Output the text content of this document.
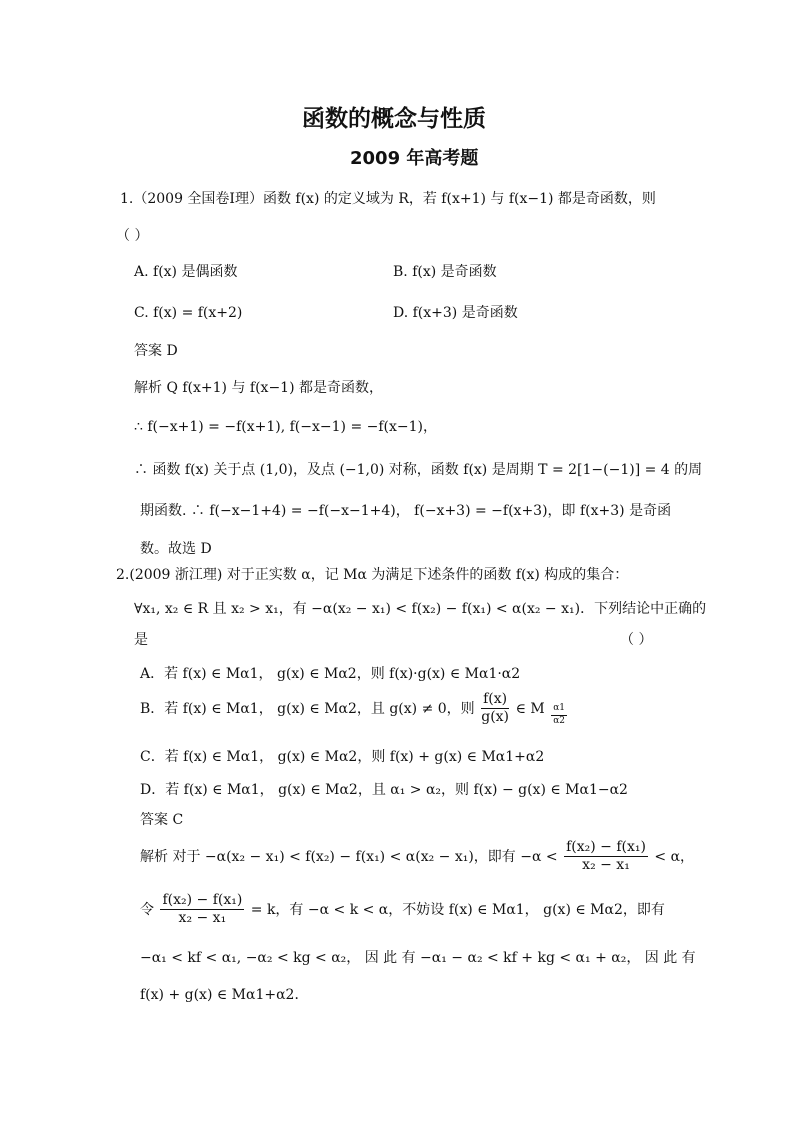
函数的概念与性质
2009 年高考题
1.（2009 全国卷Ⅰ理）函数 f(x) 的定义域为 R，若 f(x+1) 与 f(x−1) 都是奇函数，则
（ ）
A. f(x) 是偶函数	B. f(x) 是奇函数
C. f(x) = f(x+2)	D. f(x+3) 是奇函数
答案 D
解析 Q f(x+1) 与 f(x−1) 都是奇函数，
∴ f(−x+1) = −f(x+1), f(−x−1) = −f(x−1)，
∴ 函数 f(x) 关于点 (1,0)，及点 (−1,0) 对称，函数 f(x) 是周期 T = 2[1−(−1)] = 4 的周
期函数. ∴ f(−x−1+4) = −f(−x−1+4)， f(−x+3) = −f(x+3)，即 f(x+3) 是奇函
数。故选 D
2.(2009 浙江理) 对于正实数 α，记 Mα 为满足下述条件的函数 f(x) 构成的集合：
∀x₁, x₂ ∈ R 且 x₂ > x₁，有 −α(x₂ − x₁) < f(x₂) − f(x₁) < α(x₂ − x₁)．下列结论中正确的
是	（ ）
A．若 f(x) ∈ Mα1， g(x) ∈ Mα2，则 f(x)·g(x) ∈ Mα1·α2
B．若 f(x) ∈ Mα1， g(x) ∈ Mα2，且 g(x) ≠ 0，则 $\frac{f(x)}{g(x)}$ ∈ M $\frac{\alpha 1}{\alpha 2}$
C．若 f(x) ∈ Mα1， g(x) ∈ Mα2，则 f(x) + g(x) ∈ Mα1+α2
D．若 f(x) ∈ Mα1， g(x) ∈ Mα2，且 α₁ > α₂，则 f(x) − g(x) ∈ Mα1−α2
答案 C
解析 对于 −α(x₂ − x₁) < f(x₂) − f(x₁) < α(x₂ − x₁)，即有 $-\alpha < \frac{\text{f(x₂) − f(x₁)}}{\text{x₂ − x₁}} < \alpha$，
令 $\frac{\text{f(x₂) − f(x₁)}}{\text{x₂ − x₁}} = k$，有 −α < k < α，不妨设 f(x) ∈ Mα1， g(x) ∈ Mα2，即有
−α₁ < kf < α₁, −α₂ < kg < α₂， 因 此 有 −α₁ − α₂ < kf + kg < α₁ + α₂， 因 此 有
f(x) + g(x) ∈ Mα1+α2．
